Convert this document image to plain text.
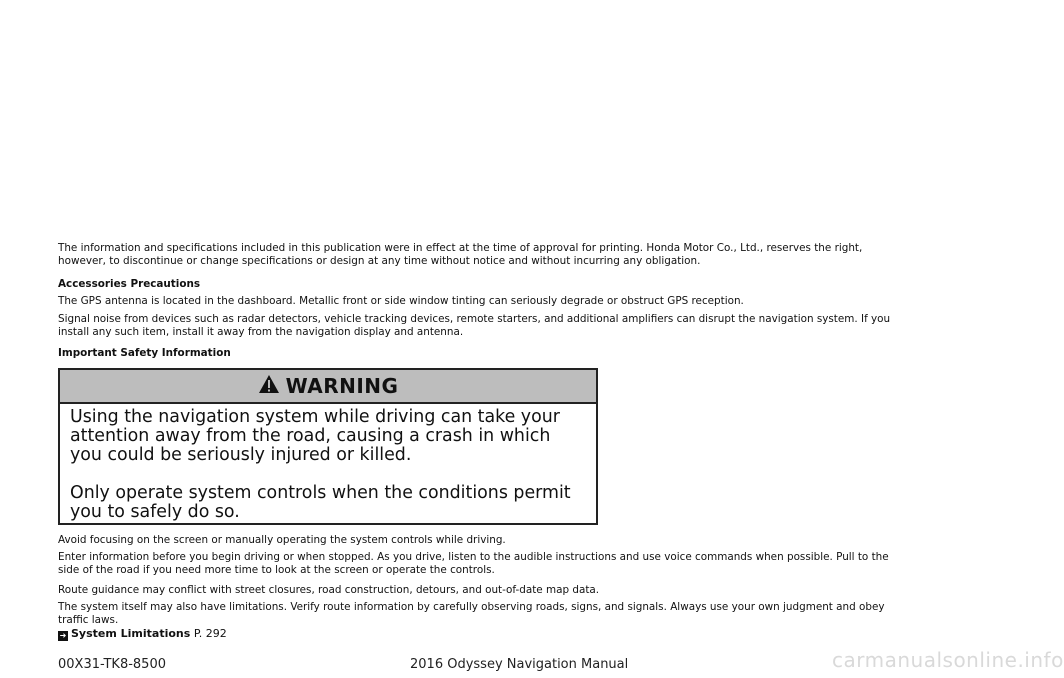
The information and specifications included in this publication were in effect at the time of approval for printing. Honda Motor Co., Ltd., reserves the right, however, to discontinue or change specifications or design at any time without notice and without incurring any obligation.

Accessories Precautions

The GPS antenna is located in the dashboard. Metallic front or side window tinting can seriously degrade or obstruct GPS reception.

Signal noise from devices such as radar detectors, vehicle tracking devices, remote starters, and additional amplifiers can disrupt the navigation system. If you install any such item, install it away from the navigation display and antenna.

Important Safety Information

WARNING

Using the navigation system while driving can take your attention away from the road, causing a crash in which you could be seriously injured or killed.

Only operate system controls when the conditions permit you to safely do so.

Avoid focusing on the screen or manually operating the system controls while driving.

Enter information before you begin driving or when stopped. As you drive, listen to the audible instructions and use voice commands when possible. Pull to the side of the road if you need more time to look at the screen or operate the controls.

Route guidance may conflict with street closures, road construction, detours, and out-of-date map data.

The system itself may also have limitations. Verify route information by carefully observing roads, signs, and signals. Always use your own judgment and obey traffic laws.

➜ System Limitations P. 292
00X31-TK8-8500	2016 Odyssey Navigation Manual	carmanualsonline.info
